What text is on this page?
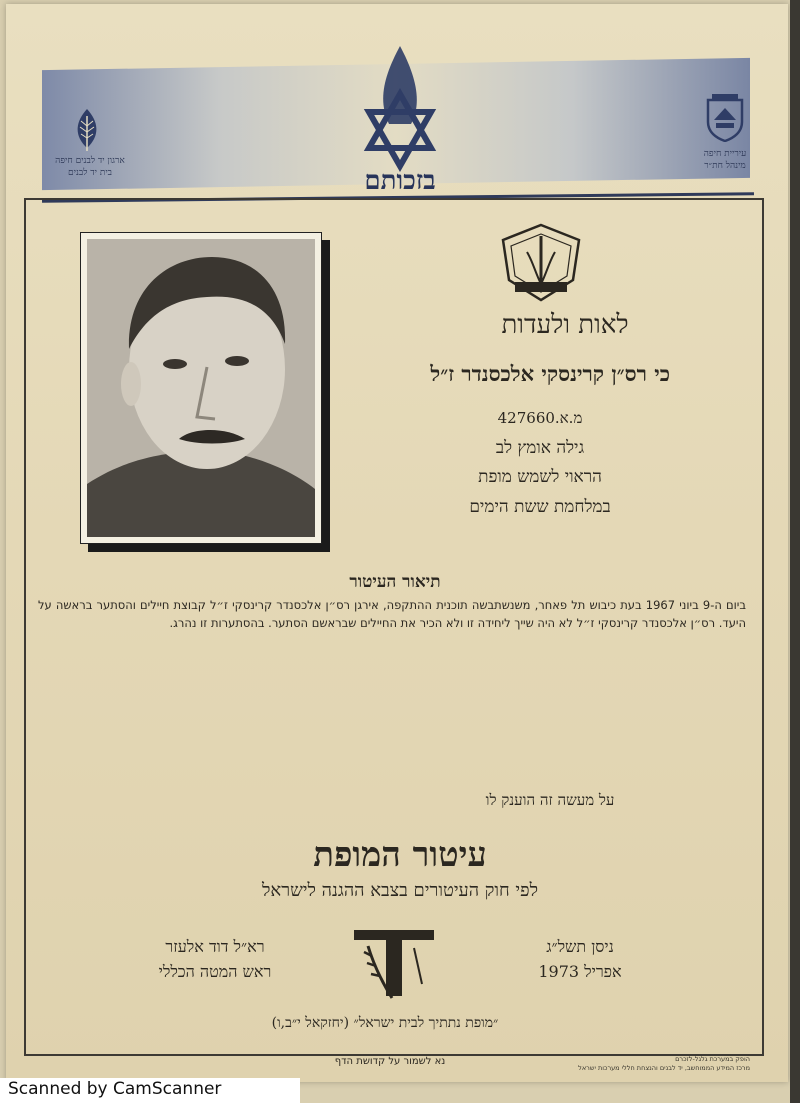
בזכותם
ארגון יד לבנים חיפה
בית יד לבנים
עיריית חיפה
מינהל חת״ר
לאות ולעדות
כי רס״ן קרינסקי אלכסנדר ז״ל
427660.מ.א
גילה אומץ לב
הראוי לשמש מופת
במלחמת ששת הימים
תיאור העיטור
ביום ה-9 ביוני 1967 בעת כיבוש תל פאחר, משנשתבשה תוכנית ההתקפה, אירגן רס״ן אלכסנדר קרינסקי ז״ל קבוצת חיילים והסתער בראשה על היעד. רס״ן אלכסנדר קרינסקי ז״ל לא היה שייך ליחידה זו ולא הכיר את החיילים שבראשם הסתער. בהסתערות זו נהרג.
על מעשה זה הוענק לו
עיטור המופת
לפי חוק העיטורים בצבא ההגנה לישראל
רא״ל דוד אלעזר
ראש המטה הכללי
ניסן תשל״ג
אפריל 1973
״מופת נתתיך לבית ישראל״ (יחזקאל י״ב,ו)
נא לשמור על קדושת הדף	הופק במערכת גלגל-לזכרם
מרכז המידע הממוחשב, יד לבנים והנצחת חללי מערכות ישראל
Scanned by CamScanner
